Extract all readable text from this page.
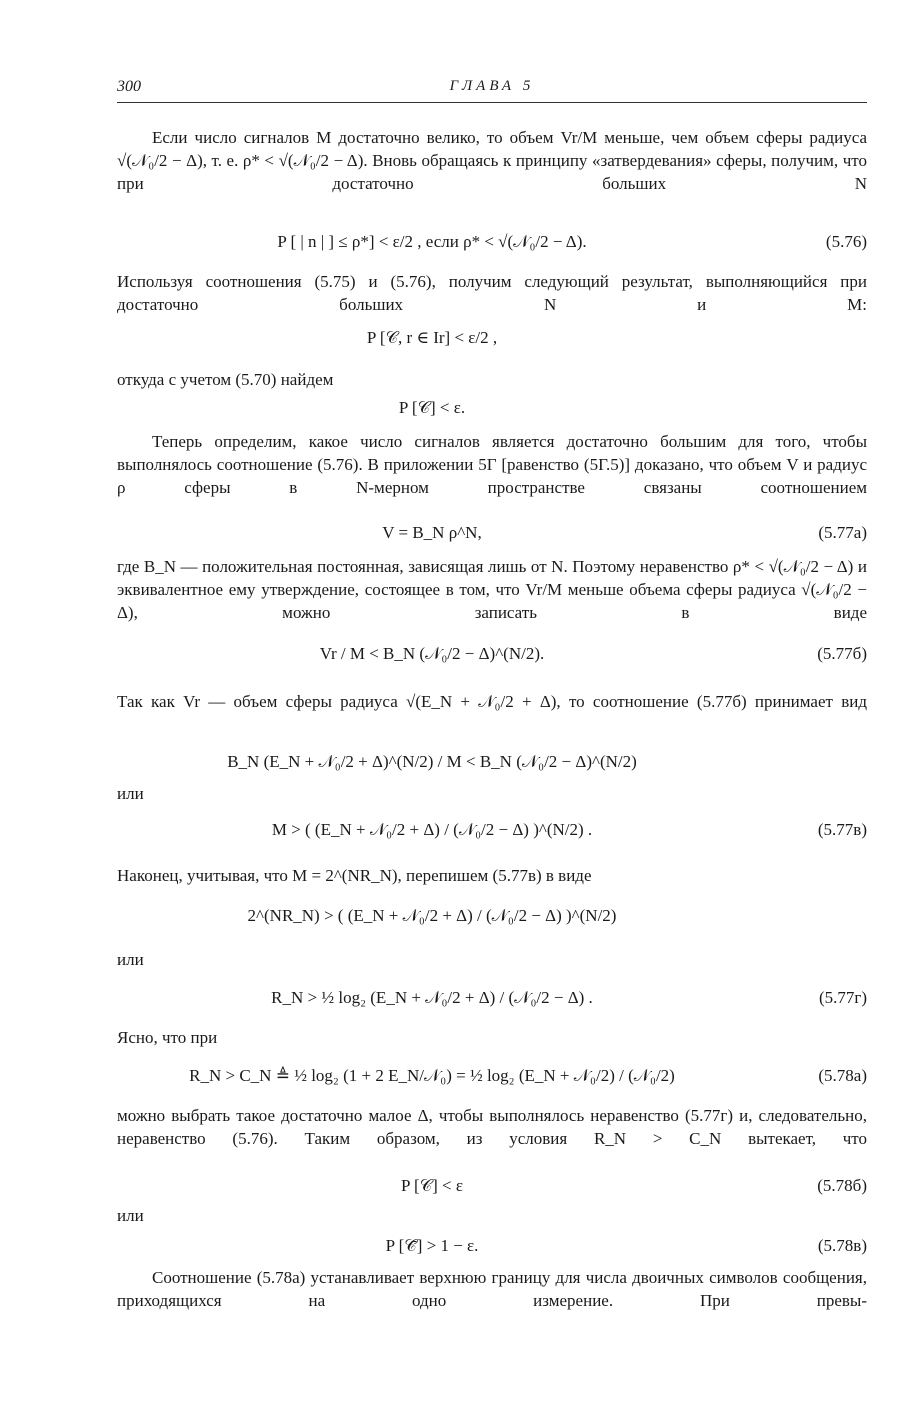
300	ГЛАВА 5
Если число сигналов M достаточно велико, то объем Vr/M меньше, чем объем сферы радиуса √(𝒩₀/2 − Δ), т. е. ρ* < √(𝒩₀/2 − Δ). Вновь обращаясь к принципу «затвердевания» сферы, получим, что при достаточно больших N
P [ | n | ] ≤ ρ*] < ε/2 , если ρ* < √(𝒩₀/2 − Δ).	(5.76)
Используя соотношения (5.75) и (5.76), получим следующий результат, выполняющийся при достаточно больших N и M:
P [𝒞, r ∈ Ir] < ε/2 ,
откуда с учетом (5.70) найдем
P [𝒞] < ε.
Теперь определим, какое число сигналов является достаточно большим для того, чтобы выполнялось соотношение (5.76). В приложении 5Г [равенство (5Г.5)] доказано, что объем V и радиус ρ сферы в N-мерном пространстве связаны соотношением
V = B_N ρ^N,	(5.77а)
где B_N — положительная постоянная, зависящая лишь от N. Поэтому неравенство ρ* < √(𝒩₀/2 − Δ) и эквивалентное ему утверждение, состоящее в том, что Vr/M меньше объема сферы радиуса √(𝒩₀/2 − Δ), можно записать в виде
Vr / M < B_N (𝒩₀/2 − Δ)^(N/2).	(5.77б)
Так как Vr — объем сферы радиуса √(E_N + 𝒩₀/2 + Δ), то соотношение (5.77б) принимает вид
B_N (E_N + 𝒩₀/2 + Δ)^(N/2) / M < B_N (𝒩₀/2 − Δ)^(N/2)
или
M > ( (E_N + 𝒩₀/2 + Δ) / (𝒩₀/2 − Δ) )^(N/2) .	(5.77в)
Наконец, учитывая, что M = 2^(NR_N), перепишем (5.77в) в виде
2^(NR_N) > ( (E_N + 𝒩₀/2 + Δ) / (𝒩₀/2 − Δ) )^(N/2)
или
R_N > ½ log₂ (E_N + 𝒩₀/2 + Δ) / (𝒩₀/2 − Δ) .	(5.77г)
Ясно, что при
R_N > C_N ≜ ½ log₂ (1 + 2 E_N/𝒩₀) = ½ log₂ (E_N + 𝒩₀/2) / (𝒩₀/2)	(5.78а)
можно выбрать такое достаточно малое Δ, чтобы выполнялось неравенство (5.77г) и, следовательно, неравенство (5.76). Таким образом, из условия R_N > C_N вытекает, что
P [𝒞] < ε	(5.78б)
или
P [𝒞̄] > 1 − ε.	(5.78в)
Соотношение (5.78а) устанавливает верхнюю границу для числа двоичных символов сообщения, приходящихся на одно измерение. При превы-
